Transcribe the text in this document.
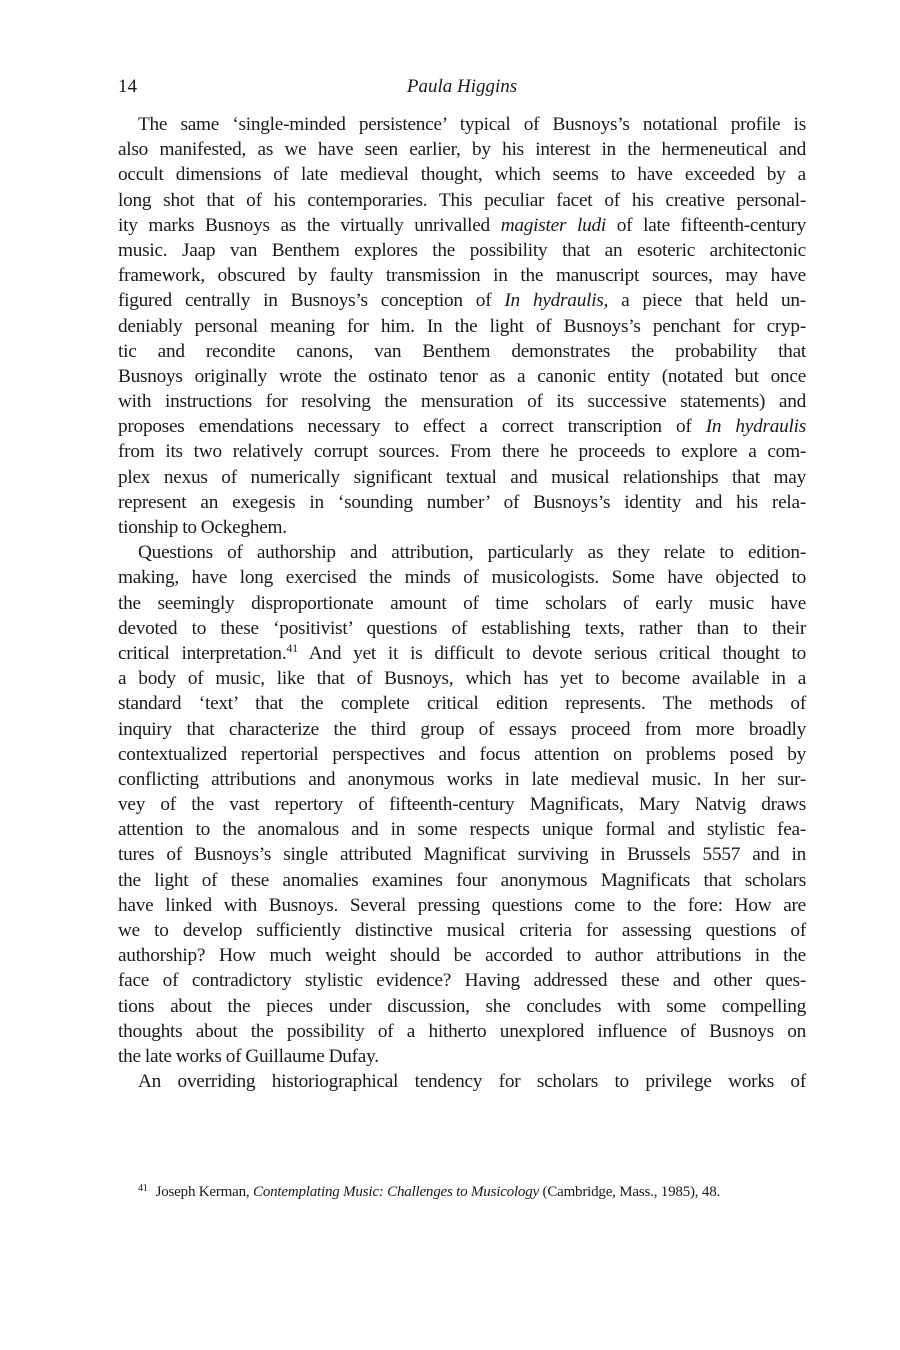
14	Paula Higgins
The same ‘single-minded persistence’ typical of Busnoys’s notational profile is
also manifested, as we have seen earlier, by his interest in the hermeneutical and
occult dimensions of late medieval thought, which seems to have exceeded by a
long shot that of his contemporaries. This peculiar facet of his creative personal-
ity marks Busnoys as the virtually unrivalled magister ludi of late fifteenth-century
music. Jaap van Benthem explores the possibility that an esoteric architectonic
framework, obscured by faulty transmission in the manuscript sources, may have
figured centrally in Busnoys’s conception of In hydraulis, a piece that held un-
deniably personal meaning for him. In the light of Busnoys’s penchant for cryp-
tic and recondite canons, van Benthem demonstrates the probability that
Busnoys originally wrote the ostinato tenor as a canonic entity (notated but once
with instructions for resolving the mensuration of its successive statements) and
proposes emendations necessary to effect a correct transcription of In hydraulis
from its two relatively corrupt sources. From there he proceeds to explore a com-
plex nexus of numerically significant textual and musical relationships that may
represent an exegesis in ‘sounding number’ of Busnoys’s identity and his rela-
tionship to Ockeghem.
Questions of authorship and attribution, particularly as they relate to edition-
making, have long exercised the minds of musicologists. Some have objected to
the seemingly disproportionate amount of time scholars of early music have
devoted to these ‘positivist’ questions of establishing texts, rather than to their
critical interpretation.$^{41}$ And yet it is difficult to devote serious critical thought to
a body of music, like that of Busnoys, which has yet to become available in a
standard ‘text’ that the complete critical edition represents. The methods of
inquiry that characterize the third group of essays proceed from more broadly
contextualized repertorial perspectives and focus attention on problems posed by
conflicting attributions and anonymous works in late medieval music. In her sur-
vey of the vast repertory of fifteenth-century Magnificats, Mary Natvig draws
attention to the anomalous and in some respects unique formal and stylistic fea-
tures of Busnoys’s single attributed Magnificat surviving in Brussels 5557 and in
the light of these anomalies examines four anonymous Magnificats that scholars
have linked with Busnoys. Several pressing questions come to the fore: How are
we to develop sufficiently distinctive musical criteria for assessing questions of
authorship? How much weight should be accorded to author attributions in the
face of contradictory stylistic evidence? Having addressed these and other ques-
tions about the pieces under discussion, she concludes with some compelling
thoughts about the possibility of a hitherto unexplored influence of Busnoys on
the late works of Guillaume Dufay.
An overriding historiographical tendency for scholars to privilege works of
$^{41}$ Joseph Kerman, Contemplating Music: Challenges to Musicology (Cambridge, Mass., 1985), 48.
